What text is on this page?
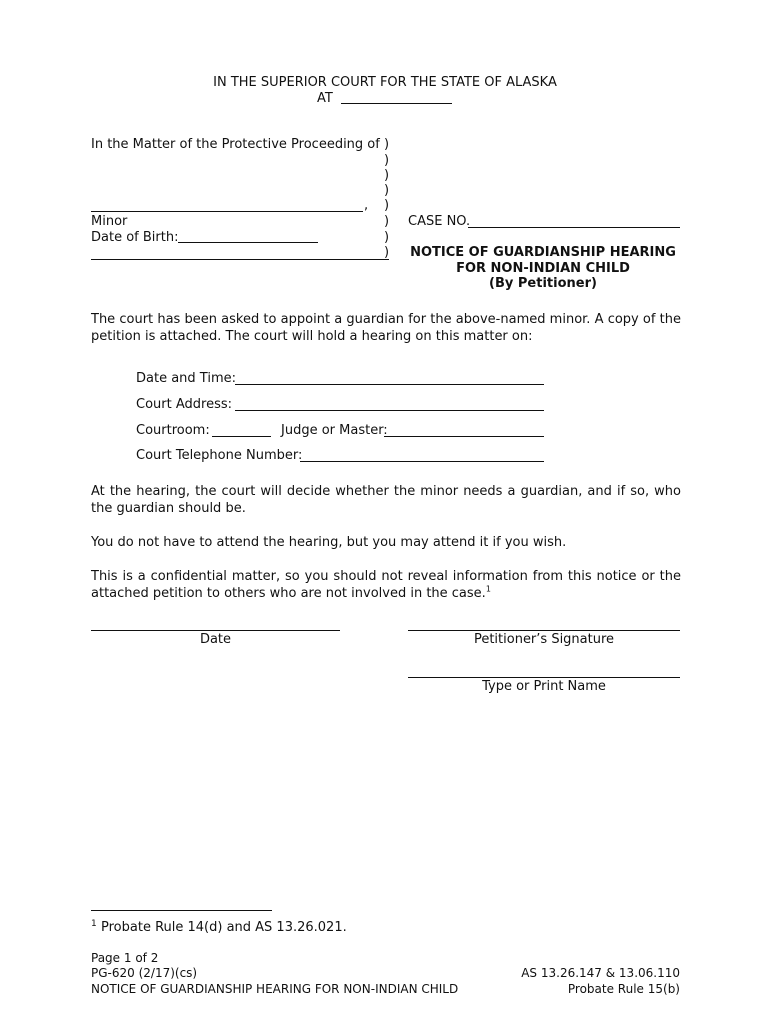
IN THE SUPERIOR COURT FOR THE STATE OF ALASKA
AT
In the Matter of the Protective Proceeding of
,
Minor
Date of Birth:
)
)
)
)
)
)
)
)
CASE NO.
NOTICE OF GUARDIANSHIP HEARING
FOR NON-INDIAN CHILD
(By Petitioner)
The court has been asked to appoint a guardian for the above-named minor. A copy of the petition is attached. The court will hold a hearing on this matter on:
Date and Time:
Court Address:
Courtroom:	Judge or Master:
Court Telephone Number:
At the hearing, the court will decide whether the minor needs a guardian, and if so, who the guardian should be.
You do not have to attend the hearing, but you may attend it if you wish.
This is a confidential matter, so you should not reveal information from this notice or the attached petition to others who are not involved in the case.$^1$
Date	Petitioner’s Signature
Type or Print Name
1 Probate Rule 14(d) and AS 13.26.021.
Page 1 of 2
PG-620 (2/17)(cs)
NOTICE OF GUARDIANSHIP HEARING FOR NON-INDIAN CHILD
AS 13.26.147 & 13.06.110
Probate Rule 15(b)
